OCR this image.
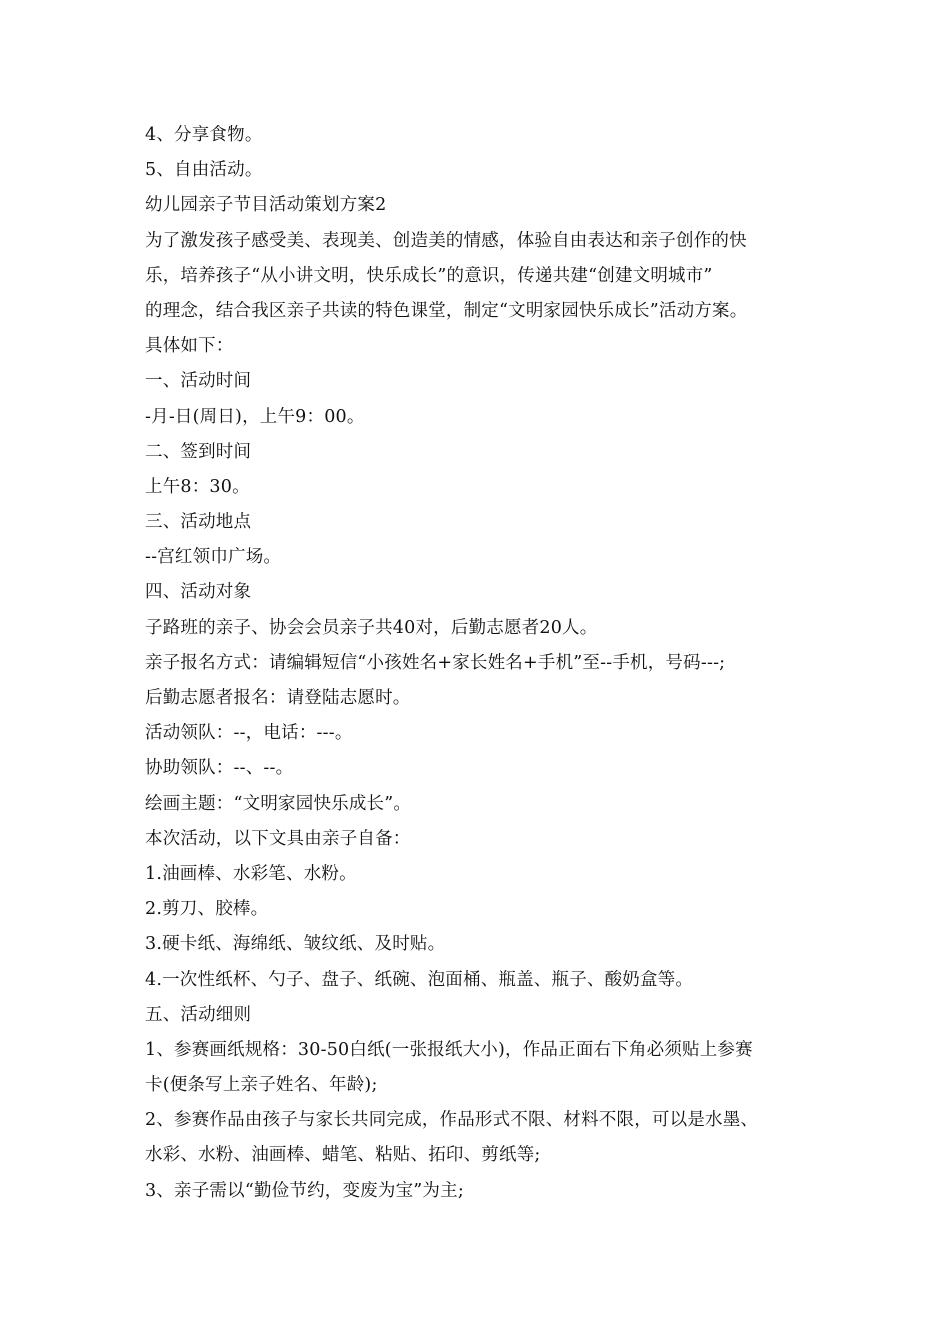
4、分享食物。
5、自由活动。
幼儿园亲子节目活动策划方案2
为了激发孩子感受美、表现美、创造美的情感，体验自由表达和亲子创作的快
乐，培养孩子“从小讲文明，快乐成长”的意识，传递共建“创建文明城市”
的理念，结合我区亲子共读的特色课堂，制定“文明家园快乐成长”活动方案。
具体如下：
一、活动时间
-月-日(周日)，上午9：00。
二、签到时间
上午8：30。
三、活动地点
--宫红领巾广场。
四、活动对象
子路班的亲子、协会会员亲子共40对，后勤志愿者20人。
亲子报名方式：请编辑短信“小孩姓名+家长姓名+手机”至--手机，号码---;
后勤志愿者报名：请登陆志愿时。
活动领队：--，电话：---。
协助领队：--、--。
绘画主题：“文明家园快乐成长”。
本次活动，以下文具由亲子自备：
1.油画棒、水彩笔、水粉。
2.剪刀、胶棒。
3.硬卡纸、海绵纸、皱纹纸、及时贴。
4.一次性纸杯、勺子、盘子、纸碗、泡面桶、瓶盖、瓶子、酸奶盒等。
五、活动细则
1、参赛画纸规格：30-50白纸(一张报纸大小)，作品正面右下角必须贴上参赛
卡(便条写上亲子姓名、年龄);
2、参赛作品由孩子与家长共同完成，作品形式不限、材料不限，可以是水墨、
水彩、水粉、油画棒、蜡笔、粘贴、拓印、剪纸等;
3、亲子需以“勤俭节约，变废为宝”为主;
